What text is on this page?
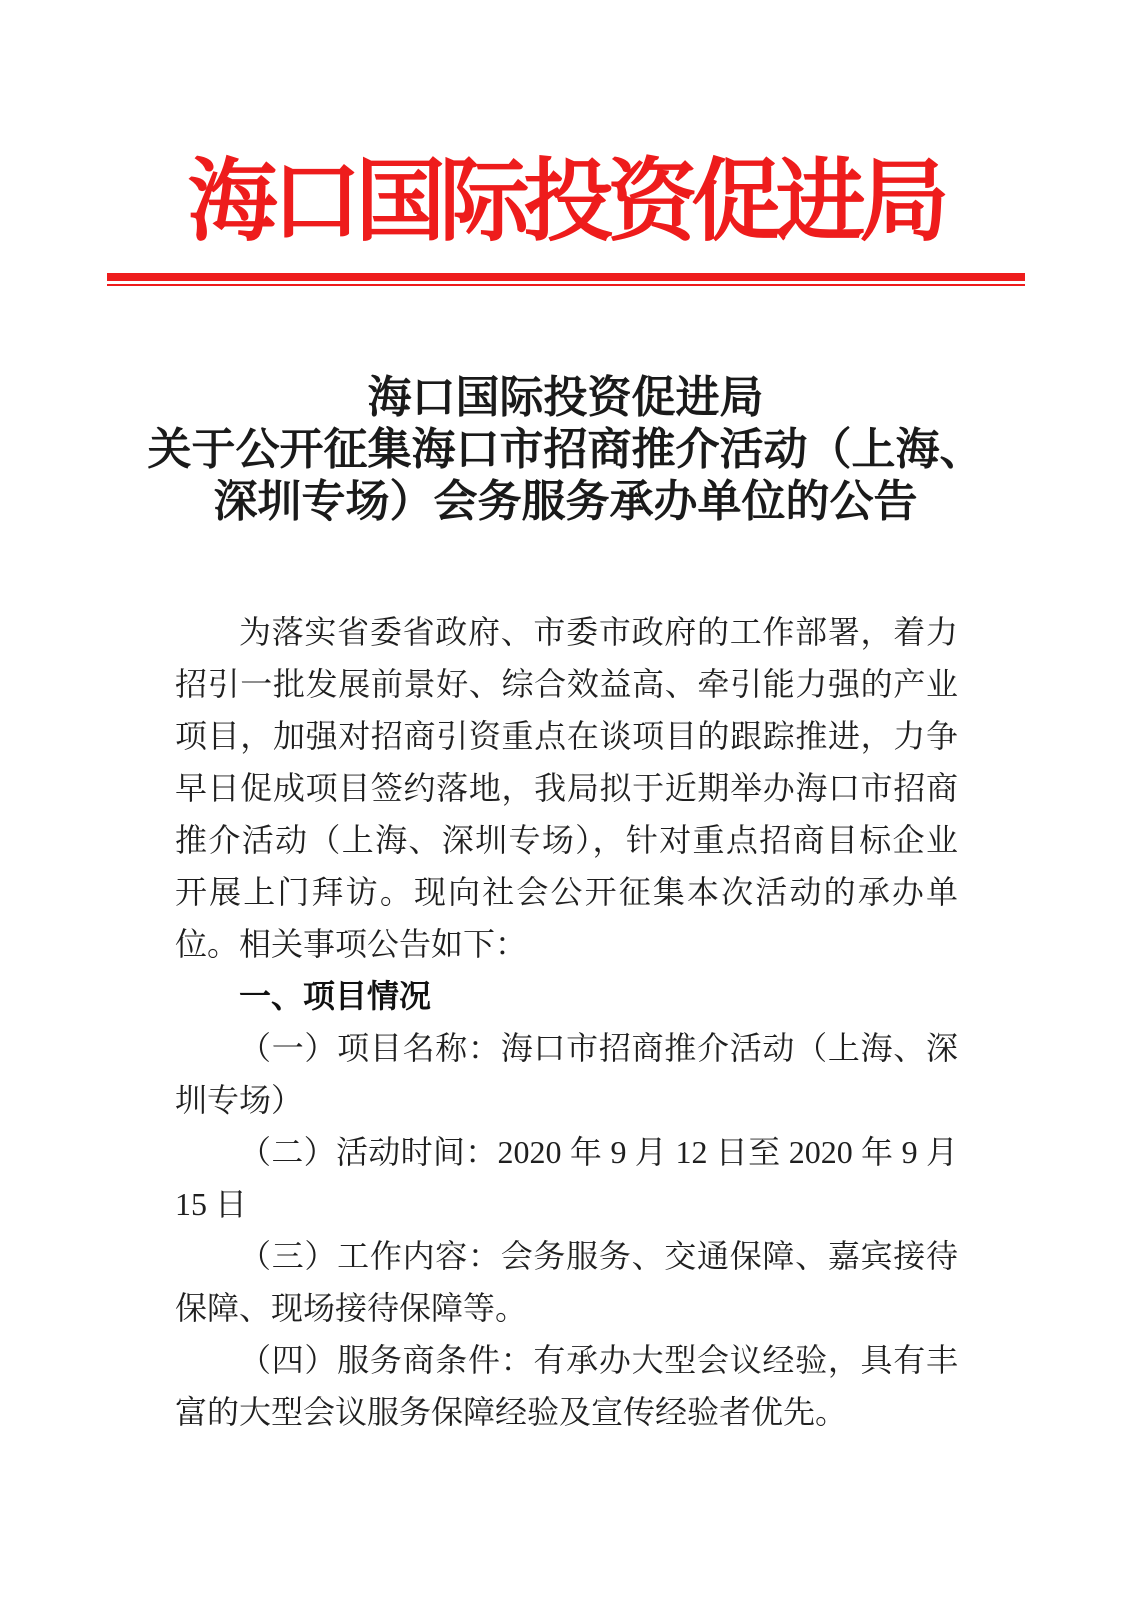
海口国际投资促进局
海口国际投资促进局
关于公开征集海口市招商推介活动（上海、
深圳专场）会务服务承办单位的公告

为落实省委省政府、市委市政府的工作部署，着力招引一批发展前景好、综合效益高、牵引能力强的产业项目，加强对招商引资重点在谈项目的跟踪推进，力争早日促成项目签约落地，我局拟于近期举办海口市招商推介活动（上海、深圳专场），针对重点招商目标企业开展上门拜访。现向社会公开征集本次活动的承办单位。相关事项公告如下：

一、项目情况

（一）项目名称：海口市招商推介活动（上海、深圳专场）

（二）活动时间：2020 年 9 月 12 日至 2020 年 9 月 15 日

（三）工作内容：会务服务、交通保障、嘉宾接待保障、现场接待保障等。

（四）服务商条件：有承办大型会议经验，具有丰富的大型会议服务保障经验及宣传经验者优先。
